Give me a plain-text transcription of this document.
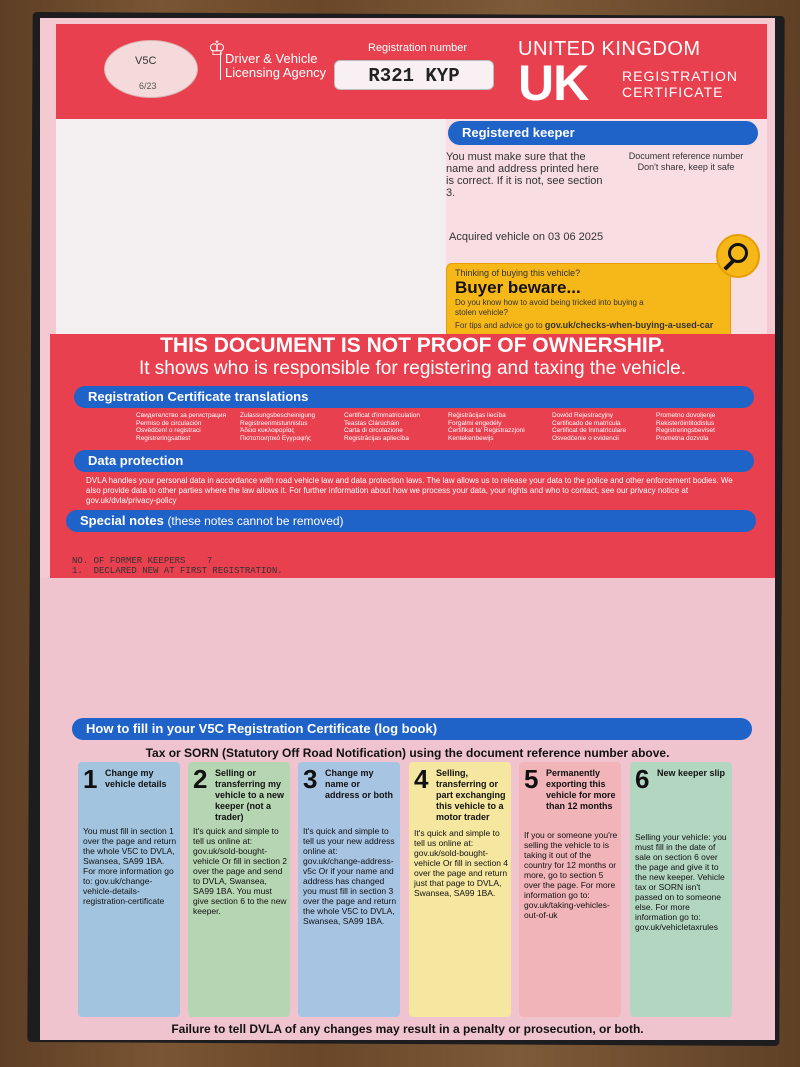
V5C
6/23
♔ Driver & Vehicle Licensing Agency
Registration number
R321 KYP
UNITED KINGDOM
UK REGISTRATION CERTIFICATE
Registered keeper
You must make sure that the name and address printed here is correct. If it is not, see section 3.
Document reference number
Don't share, keep it safe
Acquired vehicle on 03 06 2025
Thinking of buying this vehicle?
Buyer beware...
Do you know how to avoid being tricked into buying a stolen vehicle?
For tips and advice go to gov.uk/checks-when-buying-a-used-car
THIS DOCUMENT IS NOT PROOF OF OWNERSHIP.
It shows who is responsible for registering and taxing the vehicle.
Registration Certificate translations
Свидетелство за регистрация	Zulassungsbescheinigung	Certificat d'immatriculation	Reģistrācijas liecība	Dowód Rejestracyjny	Prometno dovoljenje
Permiso de circulación	Registreerimistunnistus	Teastas Clárúcháin	Forgalmi engedély	Certificado de matrícula	Rekisteröintitodistus
Osvědčení o registraci	Άδεια κυκλοφορίας	Carta di circolazione	Ċertifikat ta' Reġistrazzjoni	Certificat de înmatriculare	Registreringsbeviset
Registreringsattest	Πιστοποιητικό Εγγραφής	Registrācijas apliecība	Kentekenbewijs	Osvedčenie o evidencii	Prometna dozvola
Data protection
DVLA handles your personal data in accordance with road vehicle law and data protection laws. The law allows us to release your data to the police and other enforcement bodies. We also provide data to other parties where the law allows it. For further information about how we process your data, your rights and who to contact, see our privacy notice at gov.uk/dvla/privacy-policy
Special notes (these notes cannot be removed)
NO. OF FORMER KEEPERS    7
1.  DECLARED NEW AT FIRST REGISTRATION.
How to fill in your V5C Registration Certificate (log book)
Tax or SORN (Statutory Off Road Notification) using the document reference number above.
1 Change my vehicle details
You must fill in section 1 over the page and return the whole V5C to DVLA, Swansea, SA99 1BA. For more information go to: gov.uk/change-vehicle-details-registration-certificate
2 Selling or transferring my vehicle to a new keeper (not a trader)
It's quick and simple to tell us online at: gov.uk/sold-bought-vehicle Or fill in section 2 over the page and send to DVLA, Swansea, SA99 1BA. You must give section 6 to the new keeper.
3 Change my name or address or both
It's quick and simple to tell us your new address online at: gov.uk/change-address-v5c Or if your name and address has changed you must fill in section 3 over the page and return the whole V5C to DVLA, Swansea, SA99 1BA.
4 Selling, transferring or part exchanging this vehicle to a motor trader
It's quick and simple to tell us online at: gov.uk/sold-bought-vehicle Or fill in section 4 over the page and return just that page to DVLA, Swansea, SA99 1BA.
5 Permanently exporting this vehicle for more than 12 months
If you or someone you're selling the vehicle to is taking it out of the country for 12 months or more, go to section 5 over the page. For more information go to: gov.uk/taking-vehicles-out-of-uk
6 New keeper slip
Selling your vehicle: you must fill in the date of sale on section 6 over the page and give it to the new keeper. Vehicle tax or SORN isn't passed on to someone else. For more information go to: gov.uk/vehicletaxrules
Failure to tell DVLA of any changes may result in a penalty or prosecution, or both.
